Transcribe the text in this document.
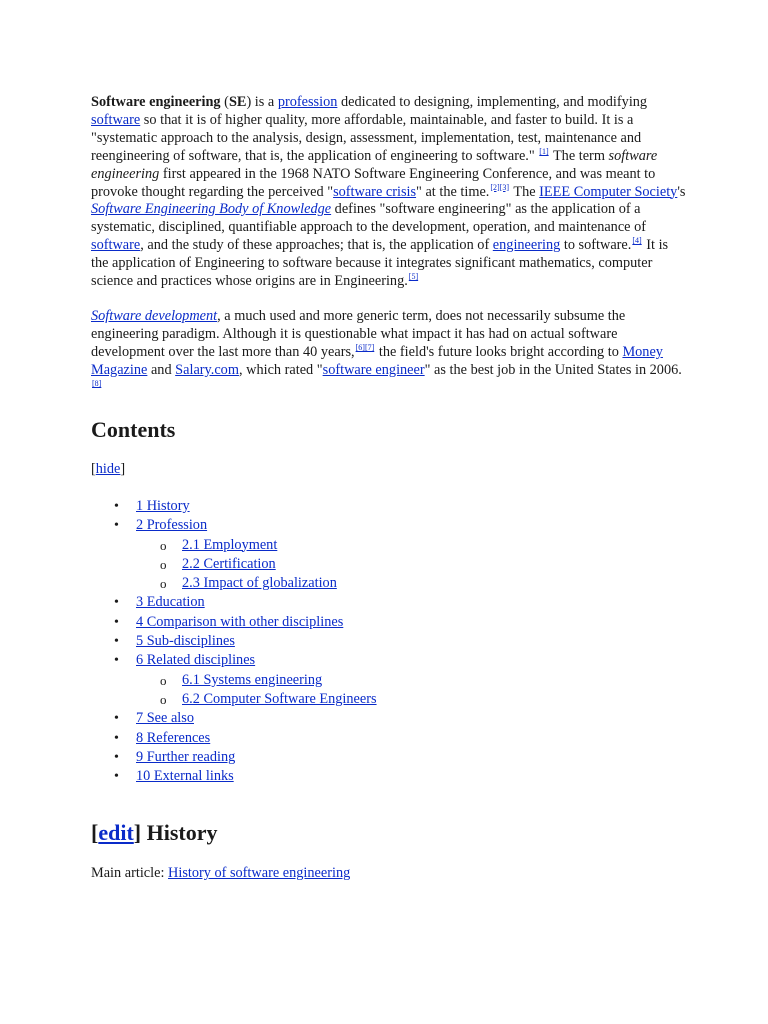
Software engineering (SE) is a profession dedicated to designing, implementing, and modifying software so that it is of higher quality, more affordable, maintainable, and faster to build. It is a "systematic approach to the analysis, design, assessment, implementation, test, maintenance and reengineering of software, that is, the application of engineering to software." [1] The term software engineering first appeared in the 1968 NATO Software Engineering Conference, and was meant to provoke thought regarding the perceived "software crisis" at the time.[2][3] The IEEE Computer Society's Software Engineering Body of Knowledge defines "software engineering" as the application of a systematic, disciplined, quantifiable approach to the development, operation, and maintenance of software, and the study of these approaches; that is, the application of engineering to software.[4] It is the application of Engineering to software because it integrates significant mathematics, computer science and practices whose origins are in Engineering.[5]

Software development, a much used and more generic term, does not necessarily subsume the engineering paradigm. Although it is questionable what impact it has had on actual software development over the last more than 40 years,[6][7] the field's future looks bright according to Money Magazine and Salary.com, which rated "software engineer" as the best job in the United States in 2006.[8]

Contents
[hide]
• 1 History
• 2 Profession
o 2.1 Employment
o 2.2 Certification
o 2.3 Impact of globalization
• 3 Education
• 4 Comparison with other disciplines
• 5 Sub-disciplines
• 6 Related disciplines
o 6.1 Systems engineering
o 6.2 Computer Software Engineers
• 7 See also
• 8 References
• 9 Further reading
• 10 External links
[edit] History
Main article: History of software engineering
